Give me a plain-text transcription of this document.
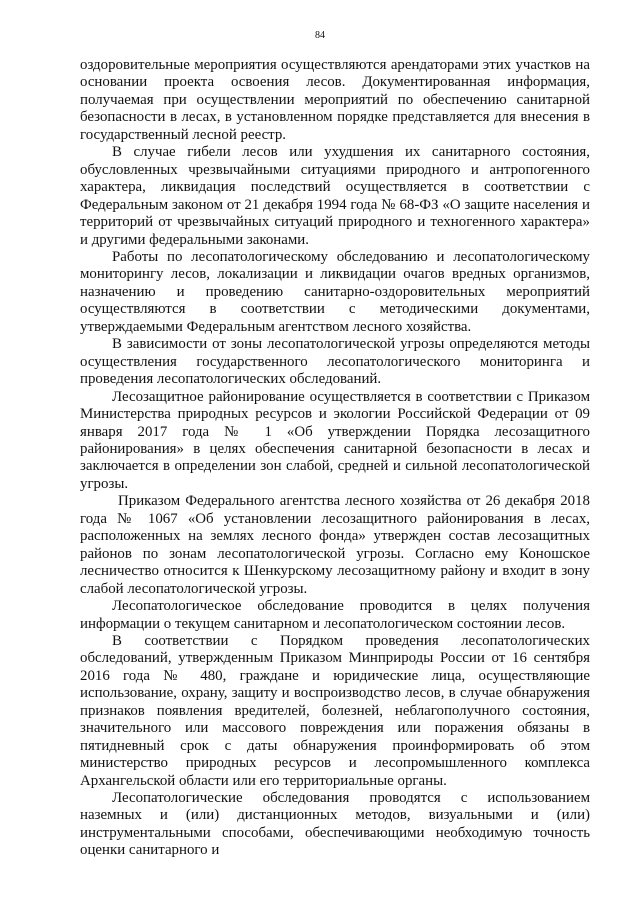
84

оздоровительные мероприятия осуществляются арендаторами этих участков на основании проекта освоения лесов. Документированная информация, получаемая при осуществлении мероприятий по обеспечению санитарной безопасности в лесах, в установленном порядке представляется для внесения в государственный лесной реестр.

В случае гибели лесов или ухудшения их санитарного состояния, обусловленных чрезвычайными ситуациями природного и антропогенного характера, ликвидация последствий осуществляется в соответствии с Федеральным законом от 21 декабря 1994 года № 68-ФЗ «О защите населения и территорий от чрезвычайных ситуаций природного и техногенного характера» и другими федеральными законами.

Работы по лесопатологическому обследованию и лесопатологическому мониторингу лесов, локализации и ликвидации очагов вредных организмов, назначению и проведению санитарно-оздоровительных мероприятий осуществляются в соответствии с методическими документами, утверждаемыми Федеральным агентством лесного хозяйства.

В зависимости от зоны лесопатологической угрозы определяются методы осуществления государственного лесопатологического мониторинга и проведения лесопатологических обследований.

Лесозащитное районирование осуществляется в соответствии с Приказом Министерства природных ресурсов и экологии Российской Федерации от 09 января 2017 года № 1 «Об утверждении Порядка лесозащитного районирования» в целях обеспечения санитарной безопасности в лесах и заключается в определении зон слабой, средней и сильной лесопатологической угрозы.

Приказом Федерального агентства лесного хозяйства от 26 декабря 2018 года № 1067 «Об установлении лесозащитного районирования в лесах, расположенных на землях лесного фонда» утвержден состав лесозащитных районов по зонам лесопатологической угрозы. Согласно ему Коношское лесничество относится к Шенкурскому лесозащитному району и входит в зону слабой лесопатологической угрозы.

Лесопатологическое обследование проводится в целях получения информации о текущем санитарном и лесопатологическом состоянии лесов.

В соответствии с Порядком проведения лесопатологических обследований, утвержденным Приказом Минприроды России от 16 сентября 2016 года № 480, граждане и юридические лица, осуществляющие использование, охрану, защиту и воспроизводство лесов, в случае обнаружения признаков появления вредителей, болезней, неблагополучного состояния, значительного или массового повреждения или поражения обязаны в пятидневный срок с даты обнаружения проинформировать об этом министерство природных ресурсов и лесопромышленного комплекса Архангельской области или его территориальные органы.

Лесопатологические обследования проводятся с использованием наземных и (или) дистанционных методов, визуальными и (или) инструментальными способами, обеспечивающими необходимую точность оценки санитарного и
